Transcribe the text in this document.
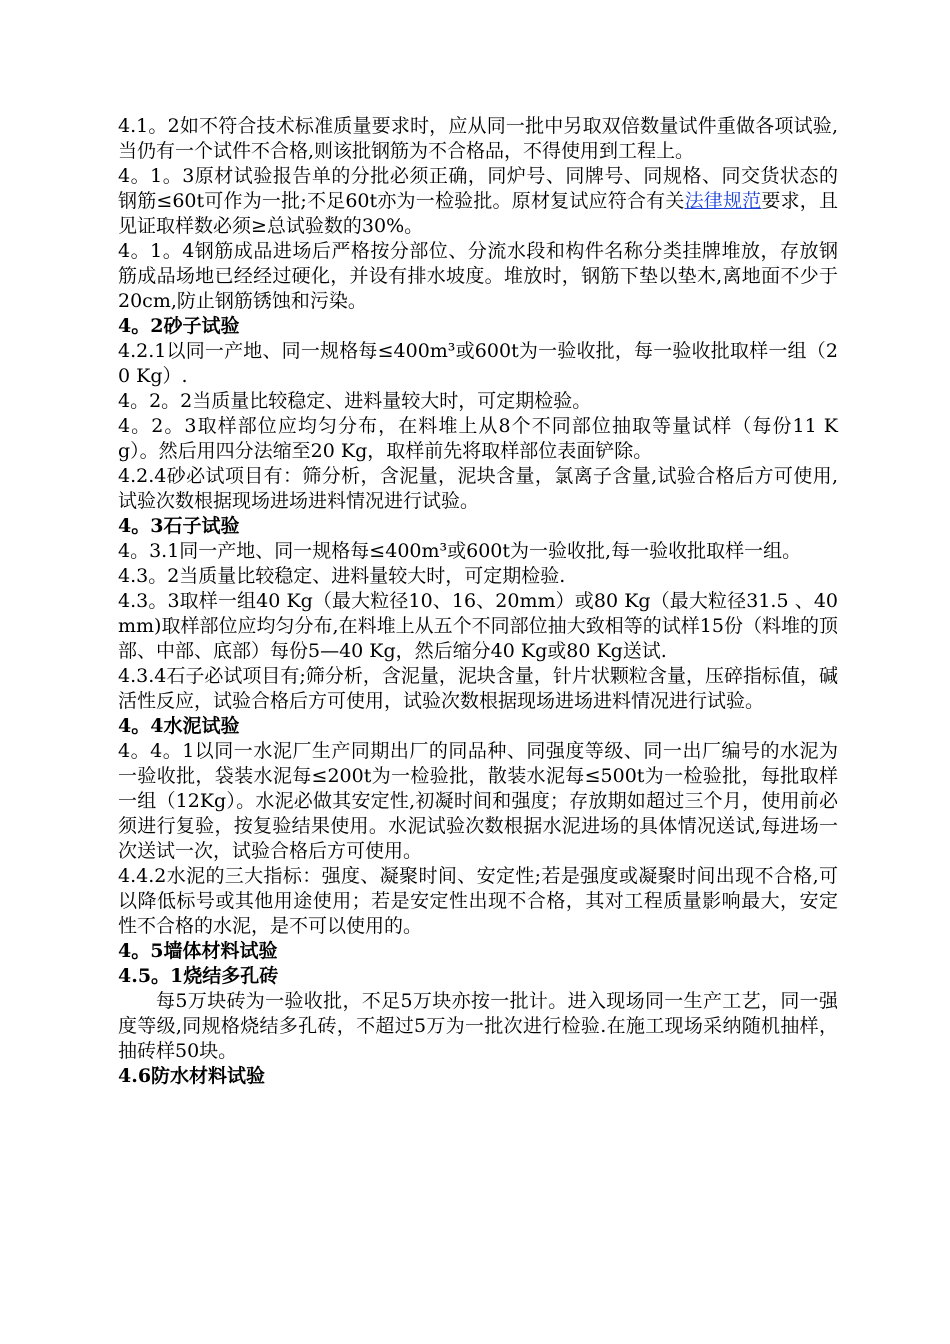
4.1。2如不符合技术标准质量要求时，应从同一批中另取双倍数量试件重做各项试验,当仍有一个试件不合格,则该批钢筋为不合格品，不得使用到工程上。

4。1。3原材试验报告单的分批必须正确，同炉号、同牌号、同规格、同交货状态的钢筋≤60t可作为一批;不足60t亦为一检验批。原材复试应符合有关法律规范要求，且见证取样数必须≥总试验数的30%。

4。1。4钢筋成品进场后严格按分部位、分流水段和构件名称分类挂牌堆放，存放钢筋成品场地已经经过硬化，并设有排水坡度。堆放时，钢筋下垫以垫木,离地面不少于20cm,防止钢筋锈蚀和污染。

4。2砂子试验

4.2.1以同一产地、同一规格每≤400m³或600t为一验收批，每一验收批取样一组（20 Kg）.

4。2。2当质量比较稳定、进料量较大时，可定期检验。

4。2。3取样部位应均匀分布，在料堆上从8个不同部位抽取等量试样（每份11 Kg）。然后用四分法缩至20 Kg，取样前先将取样部位表面铲除。

4.2.4砂必试项目有：筛分析，含泥量，泥块含量，氯离子含量,试验合格后方可使用,试验次数根据现场进场进料情况进行试验。

4。3石子试验

4。3.1同一产地、同一规格每≤400m³或600t为一验收批,每一验收批取样一组。

4.3。2当质量比较稳定、进料量较大时，可定期检验.

4.3。3取样一组40 Kg（最大粒径10、16、20mm）或80 Kg（最大粒径31.5 、40mm)取样部位应均匀分布,在料堆上从五个不同部位抽大致相等的试样15份（料堆的顶部、中部、底部）每份5—40 Kg，然后缩分40 Kg或80 Kg送试.

4.3.4石子必试项目有;筛分析，含泥量，泥块含量，针片状颗粒含量，压碎指标值，碱活性反应，试验合格后方可使用，试验次数根据现场进场进料情况进行试验。

4。4水泥试验

4。4。1以同一水泥厂生产同期出厂的同品种、同强度等级、同一出厂编号的水泥为一验收批，袋装水泥每≤200t为一检验批，散装水泥每≤500t为一检验批，每批取样一组（12Kg）。水泥必做其安定性,初凝时间和强度；存放期如超过三个月，使用前必须进行复验，按复验结果使用。水泥试验次数根据水泥进场的具体情况送试,每进场一次送试一次，试验合格后方可使用。

4.4.2水泥的三大指标：强度、凝聚时间、安定性;若是强度或凝聚时间出现不合格,可以降低标号或其他用途使用；若是安定性出现不合格，其对工程质量影响最大，安定性不合格的水泥，是不可以使用的。

4。5墙体材料试验

4.5。1烧结多孔砖

每5万块砖为一验收批，不足5万块亦按一批计。进入现场同一生产工艺，同一强度等级,同规格烧结多孔砖，不超过5万为一批次进行检验.在施工现场采纳随机抽样，抽砖样50块。

4.6防水材料试验
